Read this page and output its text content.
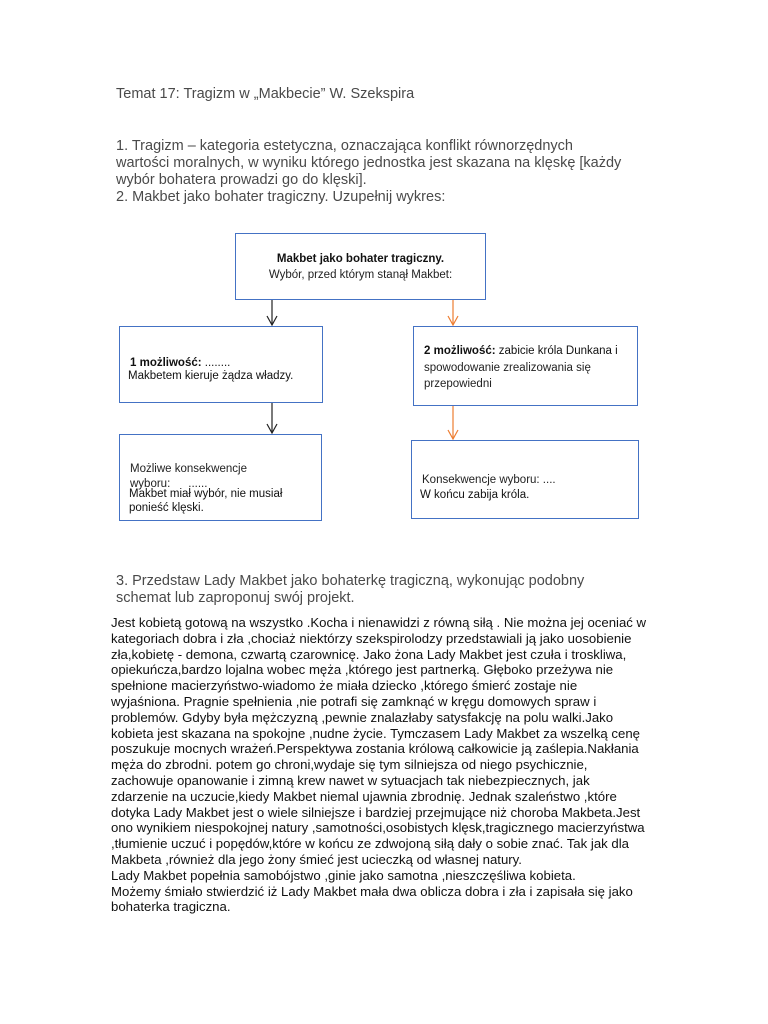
Temat 17: Tragizm w „Makbecie” W. Szekspira
1. Tragizm – kategoria estetyczna, oznaczająca konflikt równorzędnych
wartości moralnych, w wyniku którego jednostka jest skazana na klęskę [każdy
wybór bohatera prowadzi go do klęski].
2. Makbet jako bohater tragiczny. Uzupełnij wykres:
Makbet jako bohater tragiczny.
Wybór, przed którym stanął Makbet:
1 możliwość: ........
Makbetem kieruje żądza władzy.
2 możliwość: zabicie króla Dunkana i
spowodowanie zrealizowania się
przepowiedni
Możliwe konsekwencje
wyboru: ......
Makbet miał wybór, nie musiał
ponieść klęski.
Konsekwencje wyboru: ....
W końcu zabija króla.
3. Przedstaw Lady Makbet jako bohaterkę tragiczną, wykonując podobny
schemat lub zaproponuj swój projekt.

Jest kobietą gotową na wszystko .Kocha i nienawidzi z równą siłą . Nie można jej oceniać w

kategoriach dobra i zła ,chociaż niektórzy szekspirolodzy przedstawiali ją jako uosobienie

zła,kobietę - demona, czwartą czarownicę. Jako żona Lady Makbet jest czuła i troskliwa,

opiekuńcza,bardzo lojalna wobec męża ,którego jest partnerką. Głęboko przeżywa nie

spełnione macierzyństwo-wiadomo że miała dziecko ,którego śmierć zostaje nie

wyjaśniona. Pragnie spełnienia ,nie potrafi się zamknąć w kręgu domowych spraw i

problemów. Gdyby była mężczyzną ,pewnie znalazłaby satysfakcję na polu walki.Jako

kobieta jest skazana na spokojne ,nudne życie. Tymczasem Lady Makbet za wszelką cenę

poszukuje mocnych wrażeń.Perspektywa zostania królową całkowicie ją zaślepia.Nakłania

męża do zbrodni. potem go chroni,wydaje się tym silniejsza od niego psychicznie,

zachowuje opanowanie i zimną krew nawet w sytuacjach tak niebezpiecznych, jak

zdarzenie na uczucie,kiedy Makbet niemal ujawnia zbrodnię. Jednak szaleństwo ,które

dotyka Lady Makbet jest o wiele silniejsze i bardziej przejmujące niż choroba Makbeta.Jest

ono wynikiem niespokojnej natury ,samotności,osobistych klęsk,tragicznego macierzyństwa

,tłumienie uczuć i popędów,które w końcu ze zdwojoną siłą dały o sobie znać. Tak jak dla

Makbeta ,również dla jego żony śmieć jest ucieczką od własnej natury.

Lady Makbet popełnia samobójstwo ,ginie jako samotna ,nieszczęśliwa kobieta.

Możemy śmiało stwierdzić iż Lady Makbet mała dwa oblicza dobra i zła i zapisała się jako

bohaterka tragiczna.
